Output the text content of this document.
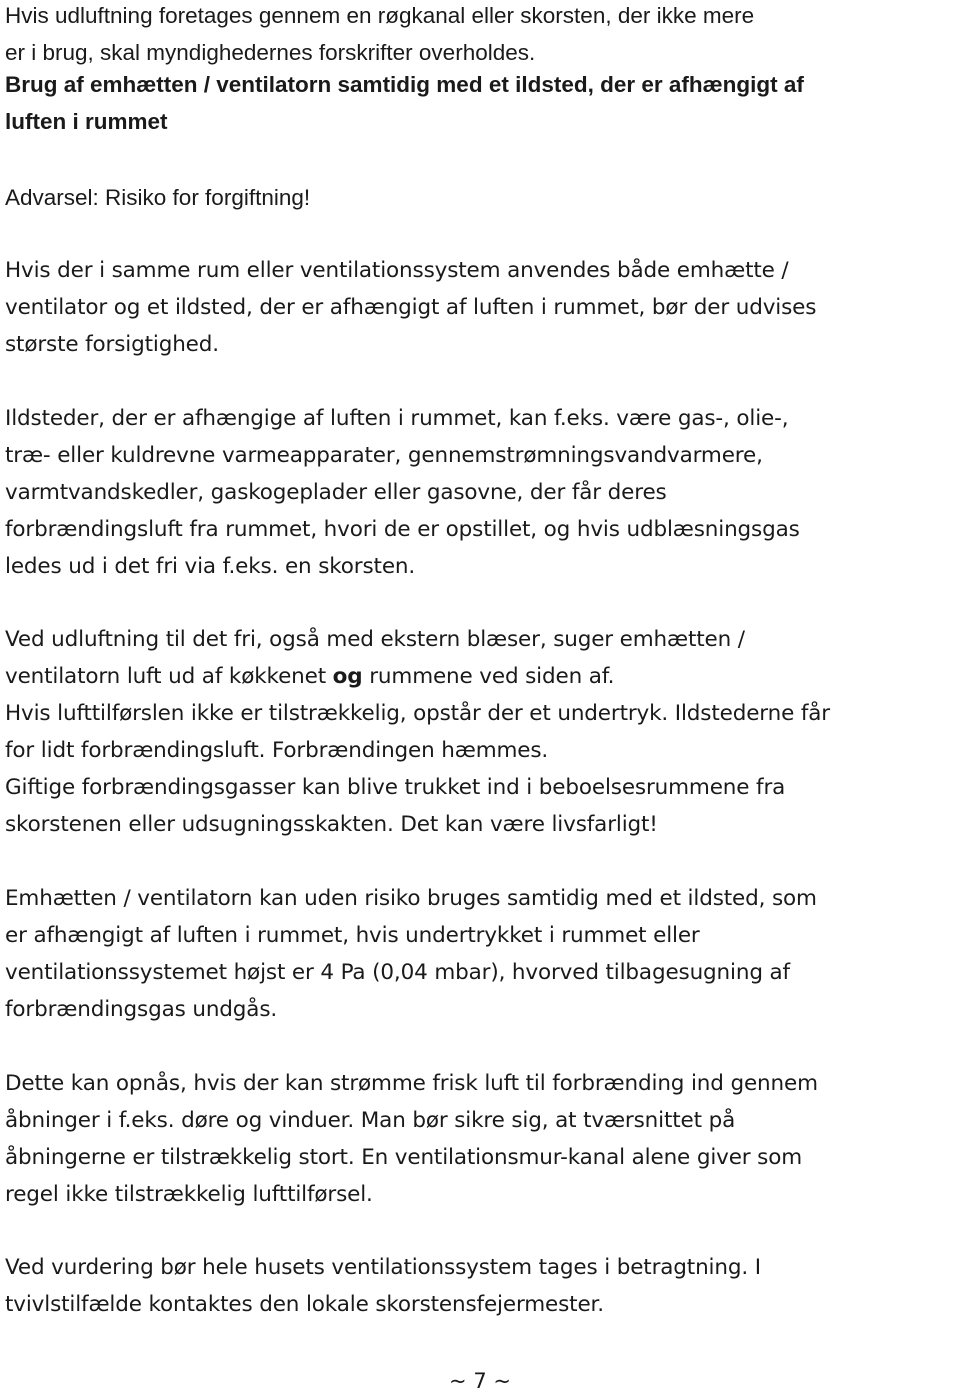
Hvis udluftning foretages gennem en røgkanal eller skorsten, der ikke mere
er i brug, skal myndighedernes forskrifter overholdes.
Brug af emhætten / ventilatorn samtidig med et ildsted, der er afhængigt af
luften i rummet
Advarsel: Risiko for forgiftning!
Hvis der i samme rum eller ventilationssystem anvendes både emhætte /
ventilator og et ildsted, der er afhængigt af luften i rummet, bør der udvises
største forsigtighed.
Ildsteder, der er afhængige af luften i rummet, kan f.eks. være gas-, olie-,
træ- eller kuldrevne varmeapparater, gennemstrømningsvandvarmere,
varmtvandskedler, gaskogeplader eller gasovne, der får deres
forbrændingsluft fra rummet, hvori de er opstillet, og hvis udblæsningsgas
ledes ud i det fri via f.eks. en skorsten.
Ved udluftning til det fri, også med ekstern blæser, suger emhætten /
ventilatorn luft ud af køkkenet og rummene ved siden af.
Hvis lufttilførslen ikke er tilstrækkelig, opstår der et undertryk. Ildstederne får
for lidt forbrændingsluft. Forbrændingen hæmmes.
Giftige forbrændingsgasser kan blive trukket ind i beboelsesrummene fra
skorstenen eller udsugningsskakten. Det kan være livsfarligt!
Emhætten / ventilatorn kan uden risiko bruges samtidig med et ildsted, som
er afhængigt af luften i rummet, hvis undertrykket i rummet eller
ventilationssystemet højst er 4 Pa (0,04 mbar), hvorved tilbagesugning af
forbrændingsgas undgås.
Dette kan opnås, hvis der kan strømme frisk luft til forbrænding ind gennem
åbninger i f.eks. døre og vinduer. Man bør sikre sig, at tværsnittet på
åbningerne er tilstrækkelig stort. En ventilationsmur-kanal alene giver som
regel ikke tilstrækkelig lufttilførsel.
Ved vurdering bør hele husets ventilationssystem tages i betragtning. I
tvivlstilfælde kontaktes den lokale skorstensfejermester.
~ 7 ~
